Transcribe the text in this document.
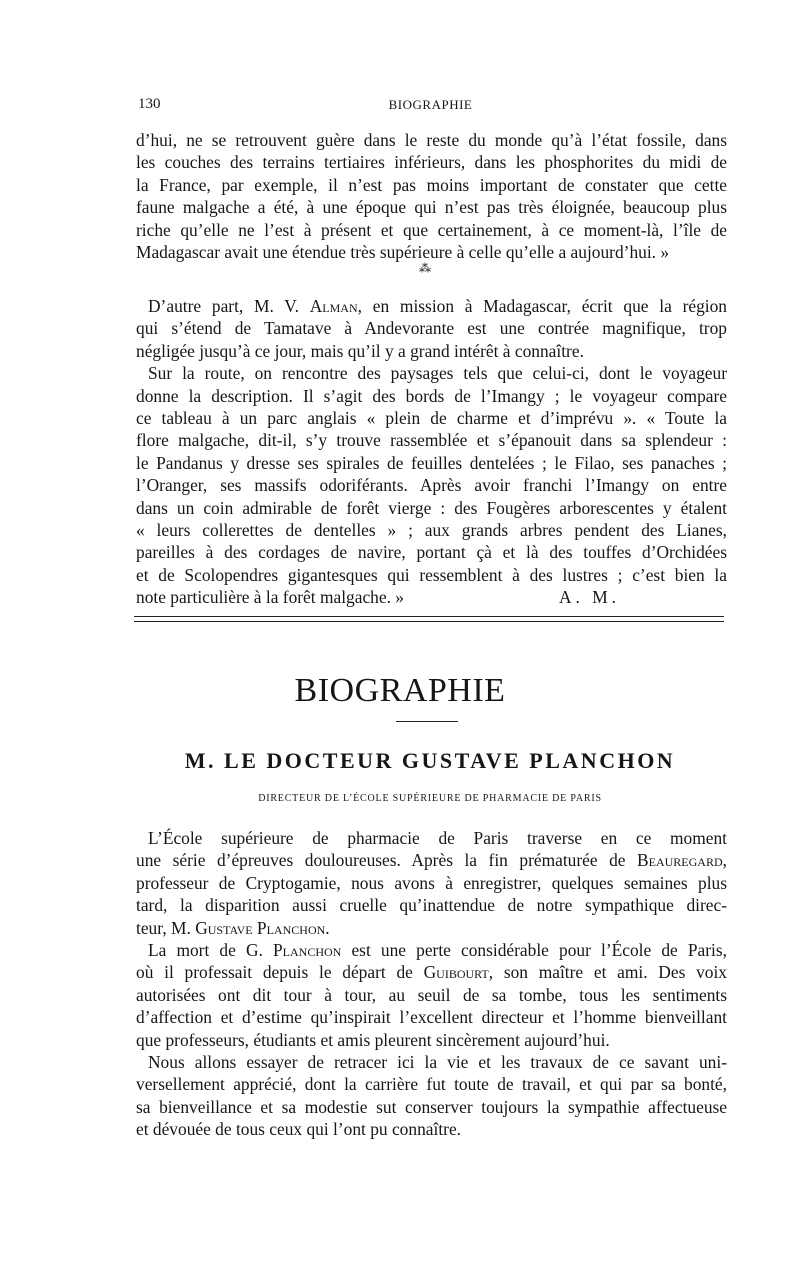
130	BIOGRAPHIE
d’hui, ne se retrouvent guère dans le reste du monde qu’à l’état fossile, dans
les couches des terrains tertiaires inférieurs, dans les phosphorites du midi de
la France, par exemple, il n’est pas moins important de constater que cette
faune malgache a été, à une époque qui n’est pas très éloignée, beaucoup plus
riche qu’elle ne l’est à présent et que certainement, à ce moment-là, l’île de
Madagascar avait une étendue très supérieure à celle qu’elle a aujourd’hui. »
⁂
D’autre part, M. V. Alman, en mission à Madagascar, écrit que la région
qui s’étend de Tamatave à Andevorante est une contrée magnifique, trop
négligée jusqu’à ce jour, mais qu’il y a grand intérêt à connaître.
Sur la route, on rencontre des paysages tels que celui-ci, dont le voyageur
donne la description. Il s’agit des bords de l’Imangy ; le voyageur compare
ce tableau à un parc anglais « plein de charme et d’imprévu ». « Toute la
flore malgache, dit-il, s’y trouve rassemblée et s’épanouit dans sa splendeur :
le Pandanus y dresse ses spirales de feuilles dentelées ; le Filao, ses panaches ;
l’Oranger, ses massifs odoriférants. Après avoir franchi l’Imangy on entre
dans un coin admirable de forêt vierge : des Fougères arborescentes y étalent
« leurs collerettes de dentelles » ; aux grands arbres pendent des Lianes,
pareilles à des cordages de navire, portant çà et là des touffes d’Orchidées
et de Scolopendres gigantesques qui ressemblent à des lustres ; c’est bien la
note particulière à la forêt malgache. »	A. M.
BIOGRAPHIE
M. LE DOCTEUR GUSTAVE PLANCHON
DIRECTEUR DE L’ÉCOLE SUPÉRIEURE DE PHARMACIE DE PARIS
L’École supérieure de pharmacie de Paris traverse en ce moment
une série d’épreuves douloureuses. Après la fin prématurée de Beauregard,
professeur de Cryptogamie, nous avons à enregistrer, quelques semaines plus
tard, la disparition aussi cruelle qu’inattendue de notre sympathique direc-
teur, M. Gustave Planchon.
La mort de G. Planchon est une perte considérable pour l’École de Paris,
où il professait depuis le départ de Guibourt, son maître et ami. Des voix
autorisées ont dit tour à tour, au seuil de sa tombe, tous les sentiments
d’affection et d’estime qu’inspirait l’excellent directeur et l’homme bienveillant
que professeurs, étudiants et amis pleurent sincèrement aujourd’hui.
Nous allons essayer de retracer ici la vie et les travaux de ce savant uni-
versellement apprécié, dont la carrière fut toute de travail, et qui par sa bonté,
sa bienveillance et sa modestie sut conserver toujours la sympathie affectueuse
et dévouée de tous ceux qui l’ont pu connaître.
